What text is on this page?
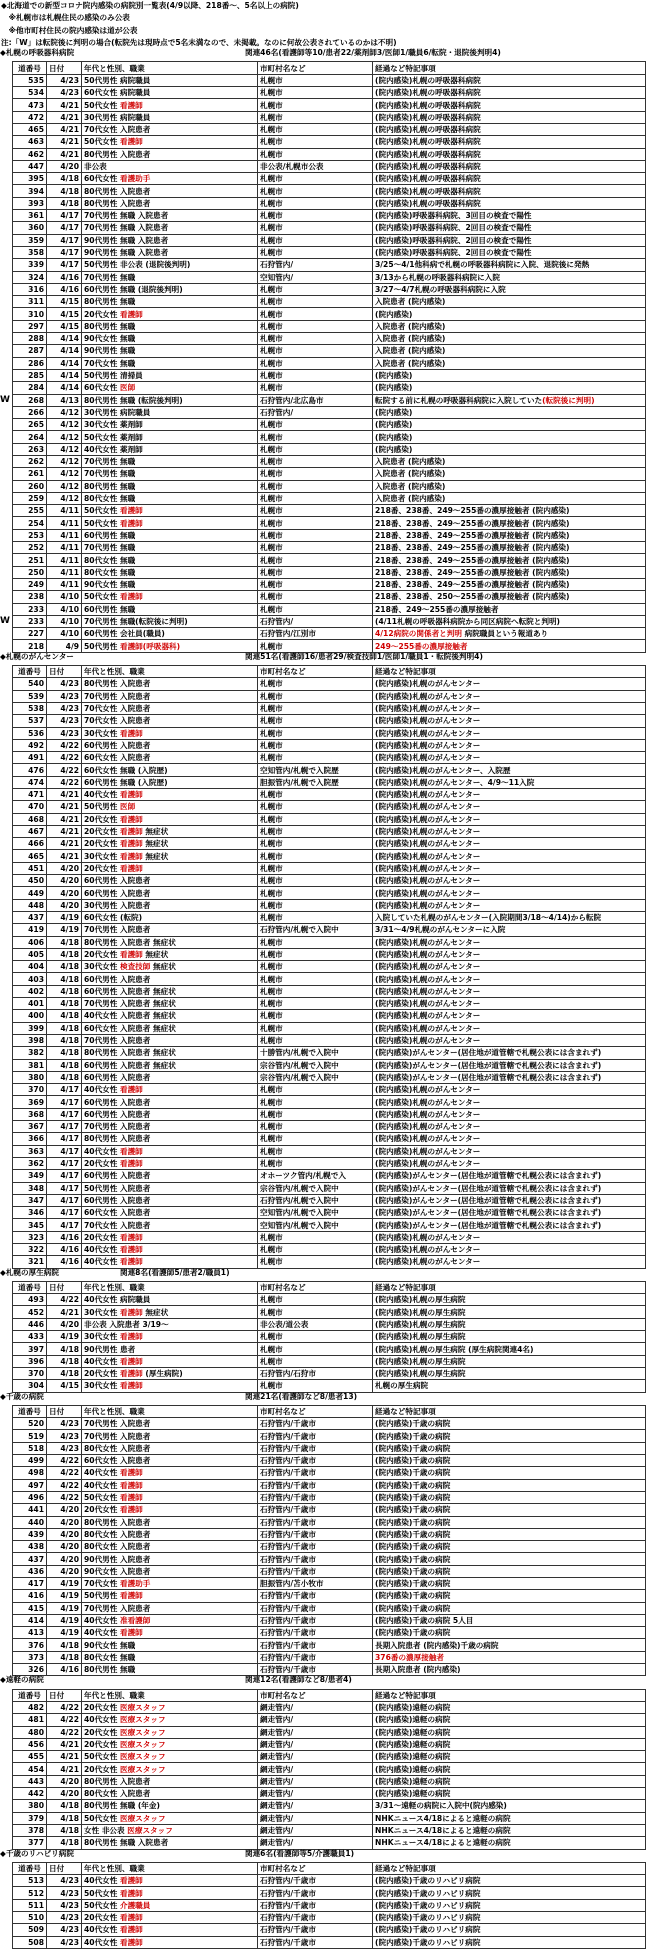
◆北海道での新型コロナ院内感染の病院別一覧表(4/9以降、218番～、5名以上の病院)
　※札幌市は札幌住民の感染のみ公表
　※他市町村住民の院内感染は道が公表
注:「W」は転院後に判明の場合(転院先は現時点で5名未満なので、未掲載。なのに何故公表されているのかは不明)
◆札幌の呼吸器科病院	関連46名(看護師等10/患者22/薬剤師3/医師1/職員6/転院・退院後判明4)
道番号	日付	年代と性別、職業	市町村名など	経過など特記事項
535	4/23	50代男性 病院職員	札幌市	(院内感染)札幌の呼吸器科病院
534	4/23	60代女性 病院職員	札幌市	(院内感染)札幌の呼吸器科病院
473	4/21	50代女性 看護師	札幌市	(院内感染)札幌の呼吸器科病院
472	4/21	30代男性 病院職員	札幌市	(院内感染)札幌の呼吸器科病院
465	4/21	70代女性 入院患者	札幌市	(院内感染)札幌の呼吸器科病院
463	4/21	50代女性 看護師	札幌市	(院内感染)札幌の呼吸器科病院
462	4/21	80代男性 入院患者	札幌市	(院内感染)札幌の呼吸器科病院
447	4/20	非公表	非公表/札幌市公表	(院内感染)札幌の呼吸器科病院
395	4/18	60代女性 看護助手	札幌市	(院内感染)札幌の呼吸器科病院
394	4/18	80代男性 入院患者	札幌市	(院内感染)札幌の呼吸器科病院
393	4/18	80代男性 入院患者	札幌市	(院内感染)札幌の呼吸器科病院
361	4/17	70代男性 無職 入院患者	札幌市	(院内感染)呼吸器科病院、3回目の検査で陽性
360	4/17	70代男性 無職 入院患者	札幌市	(院内感染)呼吸器科病院、2回目の検査で陽性
359	4/17	90代男性 無職 入院患者	札幌市	(院内感染)呼吸器科病院、2回目の検査で陽性
358	4/17	90代男性 無職 入院患者	札幌市	(院内感染)呼吸器科病院、2回目の検査で陽性
339	4/17	50代男性 非公表 (退院後判明)	石狩管内/	3/25～4/1他科病で札幌の呼吸器科病院に入院、退院後に発熱
324	4/16	70代男性 無職	空知管内/	3/13から札幌の呼吸器科病院に入院
316	4/16	60代男性 無職 (退院後判明)	札幌市	3/27～4/7札幌の呼吸器科病院に入院
311	4/15	80代男性 無職	札幌市	入院患者 (院内感染)
310	4/15	20代女性 看護師	札幌市	(院内感染)
297	4/15	80代男性 無職	札幌市	入院患者 (院内感染)
288	4/14	90代女性 無職	札幌市	入院患者 (院内感染)
287	4/14	90代男性 無職	札幌市	入院患者 (院内感染)
286	4/14	70代女性 無職	札幌市	入院患者 (院内感染)
285	4/14	50代男性 清掃員	札幌市	(院内感染)
284	4/14	60代女性 医師	札幌市	(院内感染)

W 268	4/13	80代男性 無職 (転院後判明)	石狩管内/北広島市	転院する前に札幌の呼吸器科病院に入院していた(転院後に判明)
266	4/12	30代男性 病院職員	石狩管内/	(院内感染)
265	4/12	30代女性 薬剤師	札幌市	(院内感染)
264	4/12	50代女性 薬剤師	札幌市	(院内感染)
263	4/12	40代女性 薬剤師	札幌市	(院内感染)
262	4/12	70代男性 無職	札幌市	入院患者 (院内感染)
261	4/12	70代男性 無職	札幌市	入院患者 (院内感染)
260	4/12	80代男性 無職	札幌市	入院患者 (院内感染)
259	4/12	80代女性 無職	札幌市	入院患者 (院内感染)
255	4/11	50代女性 看護師	札幌市	218番、238番、249～255番の濃厚接触者 (院内感染)
254	4/11	50代女性 看護師	札幌市	218番、238番、249～255番の濃厚接触者 (院内感染)
253	4/11	60代男性 無職	札幌市	218番、238番、249～255番の濃厚接触者 (院内感染)
252	4/11	70代男性 無職	札幌市	218番、238番、249～255番の濃厚接触者 (院内感染)
251	4/11	80代女性 無職	札幌市	218番、238番、249～255番の濃厚接触者 (院内感染)
250	4/11	80代女性 無職	札幌市	218番、238番、249～255番の濃厚接触者 (院内感染)
249	4/11	90代女性 無職	札幌市	218番、238番、249～255番の濃厚接触者 (院内感染)
238	4/10	50代女性 看護師	札幌市	218番、238番、250～255番の濃厚接触者 (院内感染)
233	4/10	60代男性 無職	札幌市	218番、249～255番の濃厚接触者

W 233	4/10	70代男性 無職(転院後に判明)	石狩管内/	(4/11札幌の呼吸器科病院から同区病院へ転院と判明)
227	4/10	60代男性 会社員(職員)	石狩管内/江別市	4/12病院の関係者と判明 病院職員という報道あり
218	4/9	50代男性 看護師(呼吸器科)	札幌市	249～255番の濃厚接触者
◆札幌のがんセンター	関連51名(看護師16/患者29/検査技師1/医師1/職員1・転院後判明4)
道番号	日付	年代と性別、職業	市町村名など	経過など特記事項
540	4/23	80代男性 入院患者	札幌市	(院内感染)札幌のがんセンター
539	4/23	70代男性 入院患者	札幌市	(院内感染)札幌のがんセンター
538	4/23	70代女性 入院患者	札幌市	(院内感染)札幌のがんセンター
537	4/23	70代女性 入院患者	札幌市	(院内感染)札幌のがんセンター
536	4/23	30代女性 看護師	札幌市	(院内感染)札幌のがんセンター
492	4/22	60代男性 入院患者	札幌市	(院内感染)札幌のがんセンター
491	4/22	60代女性 入院患者	札幌市	(院内感染)札幌のがんセンター
476	4/22	60代女性 無職 (入院歴)	空知管内/札幌で入院歴	(院内感染)札幌のがんセンター、入院歴
474	4/22	60代男性 無職 (入院歴)	胆振管内/札幌で入院歴	(院内感染)札幌のがんセンター、4/9～11入院
471	4/21	40代女性 看護師	札幌市	(院内感染)札幌のがんセンター
470	4/21	50代男性 医師	札幌市	(院内感染)札幌のがんセンター
468	4/21	20代女性 看護師	札幌市	(院内感染)札幌のがんセンター
467	4/21	20代女性 看護師 無症状	札幌市	(院内感染)札幌のがんセンター
466	4/21	20代女性 看護師 無症状	札幌市	(院内感染)札幌のがんセンター
465	4/21	30代女性 看護師 無症状	札幌市	(院内感染)札幌のがんセンター
451	4/20	20代女性 看護師	札幌市	(院内感染)札幌のがんセンター
450	4/20	60代男性 入院患者	札幌市	(院内感染)札幌のがんセンター
449	4/20	60代男性 入院患者	札幌市	(院内感染)札幌のがんセンター
448	4/20	30代男性 入院患者	札幌市	(院内感染)札幌のがんセンター
437	4/19	60代女性 (転院)	札幌市	入院していた札幌のがんセンター(入院期間3/18～4/14)から転院
419	4/19	70代男性 入院患者	石狩管内/札幌で入院中	3/31～4/9札幌のがんセンターに入院
406	4/18	80代男性 入院患者 無症状	札幌市	(院内感染)札幌のがんセンター
405	4/18	20代女性 看護師 無症状	札幌市	(院内感染)札幌のがんセンター
404	4/18	30代女性 検査技師 無症状	札幌市	(院内感染)札幌のがんセンター
403	4/18	60代男性 入院患者	札幌市	(院内感染)札幌のがんセンター
402	4/18	60代男性 入院患者 無症状	札幌市	(院内感染)札幌のがんセンター
401	4/18	70代男性 入院患者 無症状	札幌市	(院内感染)札幌のがんセンター
400	4/18	40代女性 入院患者 無症状	札幌市	(院内感染)札幌のがんセンター
399	4/18	60代女性 入院患者 無症状	札幌市	(院内感染)札幌のがんセンター
398	4/18	70代男性 入院患者	札幌市	(院内感染)札幌のがんセンター
382	4/18	80代男性 入院患者 無症状	十勝管内/札幌で入院中	(院内感染)がんセンター(居住地が道管轄で札幌公表には含まれず)
381	4/18	60代男性 入院患者 無症状	宗谷管内/札幌で入院中	(院内感染)がんセンター(居住地が道管轄で札幌公表には含まれず)
380	4/18	60代男性 入院患者	宗谷管内/札幌で入院中	(院内感染)がんセンター(居住地が道管轄で札幌公表には含まれず)
370	4/17	40代女性 看護師	札幌市	(院内感染)札幌のがんセンター
369	4/17	60代男性 入院患者	札幌市	(院内感染)札幌のがんセンター
368	4/17	60代男性 入院患者	札幌市	(院内感染)札幌のがんセンター
367	4/17	70代男性 入院患者	札幌市	(院内感染)札幌のがんセンター
366	4/17	80代男性 入院患者	札幌市	(院内感染)札幌のがんセンター
363	4/17	40代女性 看護師	札幌市	(院内感染)札幌のがんセンター
362	4/17	20代女性 看護師	札幌市	(院内感染)札幌のがんセンター
349	4/17	60代男性 入院患者	オホーツク管内/札幌で入	(院内感染)がんセンター(居住地が道管轄で札幌公表には含まれず)
348	4/17	50代男性 入院患者	宗谷管内/札幌で入院中	(院内感染)がんセンター(居住地が道管轄で札幌公表には含まれず)
347	4/17	60代男性 入院患者	石狩管内/札幌で入院中	(院内感染)がんセンター(居住地が道管轄で札幌公表には含まれず)
346	4/17	60代女性 入院患者	空知管内/札幌で入院中	(院内感染)がんセンター(居住地が道管轄で札幌公表には含まれず)
345	4/17	70代女性 入院患者	空知管内/札幌で入院中	(院内感染)がんセンター(居住地が道管轄で札幌公表には含まれず)
323	4/16	20代女性 看護師	札幌市	(院内感染)札幌のがんセンター
322	4/16	40代女性 看護師	札幌市	(院内感染)札幌のがんセンター
321	4/16	40代女性 看護師	札幌市	(院内感染)札幌のがんセンター
◆札幌の厚生病院	関連8名(看護師5/患者2/職員1)
道番号	日付	年代と性別、職業	市町村名など	経過など特記事項
493	4/22	40代女性 病院職員	札幌市	(院内感染)札幌の厚生病院
452	4/21	30代女性 看護師 無症状	札幌市	(院内感染)札幌の厚生病院
446	4/20	非公表 入院患者 3/19～	非公表/道公表	(院内感染)札幌の厚生病院
433	4/19	30代女性 看護師	札幌市	(院内感染)札幌の厚生病院
397	4/18	90代男性 患者	札幌市	(院内感染)札幌の厚生病院 (厚生病院関連4名)
396	4/18	40代女性 看護師	札幌市	(院内感染)札幌の厚生病院
370	4/18	20代女性 看護師 (厚生病院)	石狩管内/石狩市	(院内感染)札幌の厚生病院
304	4/15	30代女性 看護師	札幌市	札幌の厚生病院
◆千歳の病院	関連21名(看護師など8/患者13)
道番号	日付	年代と性別、職業	市町村名など	経過など特記事項
520	4/23	70代男性 入院患者	石狩管内/千歳市	(院内感染)千歳の病院
519	4/23	70代男性 入院患者	石狩管内/千歳市	(院内感染)千歳の病院
518	4/23	80代女性 入院患者	石狩管内/千歳市	(院内感染)千歳の病院
499	4/22	60代女性 入院患者	石狩管内/千歳市	(院内感染)千歳の病院
498	4/22	40代女性 看護師	石狩管内/千歳市	(院内感染)千歳の病院
497	4/22	40代女性 看護師	石狩管内/千歳市	(院内感染)千歳の病院
496	4/22	50代女性 看護師	石狩管内/千歳市	(院内感染)千歳の病院
441	4/20	20代女性 看護師	石狩管内/千歳市	(院内感染)千歳の病院
440	4/20	80代男性 入院患者	石狩管内/千歳市	(院内感染)千歳の病院
439	4/20	80代女性 入院患者	石狩管内/千歳市	(院内感染)千歳の病院
438	4/20	80代女性 入院患者	石狩管内/千歳市	(院内感染)千歳の病院
437	4/20	90代男性 入院患者	石狩管内/千歳市	(院内感染)千歳の病院
436	4/20	90代女性 入院患者	石狩管内/千歳市	(院内感染)千歳の病院
417	4/19	70代女性 看護助手	胆振管内/苫小牧市	(院内感染)千歳の病院
416	4/19	50代男性 看護師	石狩管内/千歳市	(院内感染)千歳の病院
415	4/19	70代男性 入院患者	石狩管内/千歳市	(院内感染)千歳の病院
414	4/19	40代女性 准看護師	石狩管内/千歳市	(院内感染)千歳の病院 5人目
413	4/19	40代女性 看護師	石狩管内/千歳市	(院内感染)千歳の病院
376	4/18	90代女性 無職	石狩管内/千歳市	長期入院患者 (院内感染)千歳の病院
373	4/18	80代女性 無職	石狩管内/千歳市	376番の濃厚接触者
326	4/16	80代男性 無職	石狩管内/千歳市	長期入院患者 (院内感染)
◆遠軽の病院	関連12名(看護師など8/患者4)
道番号	日付	年代と性別、職業	市町村名など	経過など特記事項
482	4/22	20代女性 医療スタッフ	網走管内/	(院内感染)遠軽の病院
481	4/22	40代女性 医療スタッフ	網走管内/	(院内感染)遠軽の病院
480	4/22	20代女性 医療スタッフ	網走管内/	(院内感染)遠軽の病院
456	4/21	20代女性 医療スタッフ	網走管内/	(院内感染)遠軽の病院
455	4/21	50代女性 医療スタッフ	網走管内/	(院内感染)遠軽の病院
454	4/21	20代女性 医療スタッフ	網走管内/	(院内感染)遠軽の病院
443	4/20	80代男性 入院患者	網走管内/	(院内感染)遠軽の病院
442	4/20	80代女性 入院患者	網走管内/	(院内感染)遠軽の病院
380	4/18	80代男性 無職 (年金)	網走管内/	3/31～遠軽の病院に入院中(院内感染)
379	4/18	50代女性 医療スタッフ	網走管内/	NHKニュース4/18によると遠軽の病院
378	4/18	女性 非公表 医療スタッフ	網走管内/	NHKニュース4/18によると遠軽の病院
377	4/18	80代男性 無職 入院患者	網走管内/	NHKニュース4/18によると遠軽の病院
◆千歳のリハビリ病院	関連6名(看護師等5/介護職員1)
道番号	日付	年代と性別、職業	市町村名など	経過など特記事項
513	4/23	40代女性 看護師	石狩管内/千歳市	(院内感染)千歳のリハビリ病院
512	4/23	50代女性 看護師	石狩管内/千歳市	(院内感染)千歳のリハビリ病院
511	4/23	50代女性 介護職員	石狩管内/千歳市	(院内感染)千歳のリハビリ病院
510	4/23	20代女性 看護師	石狩管内/千歳市	(院内感染)千歳のリハビリ病院
509	4/23	40代女性 看護師	石狩管内/千歳市	(院内感染)千歳のリハビリ病院
508	4/23	40代女性 看護師	石狩管内/千歳市	(院内感染)千歳のリハビリ病院
